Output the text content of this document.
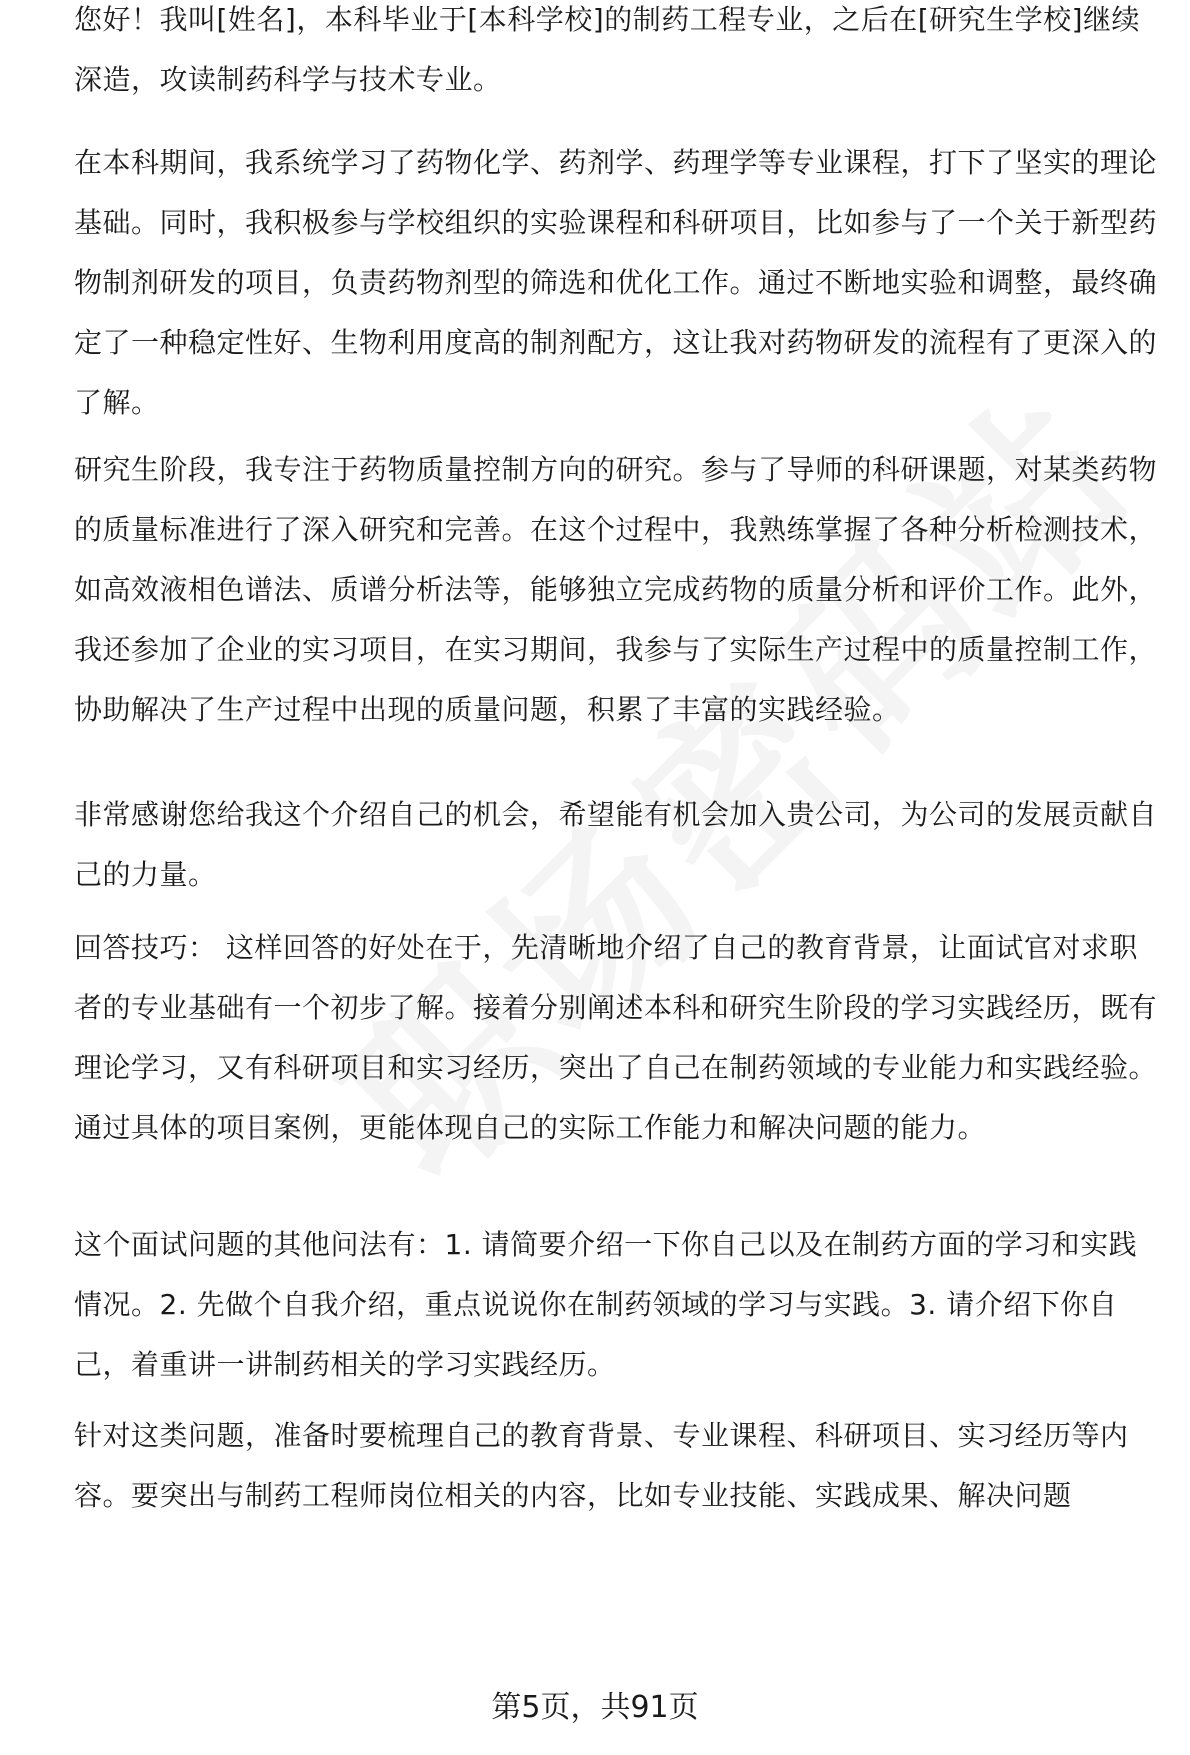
您好！我叫[姓名]，本科毕业于[本科学校]的制药工程专业，之后在[研究生学校]继续深造，攻读制药科学与技术专业。

在本科期间，我系统学习了药物化学、药剂学、药理学等专业课程，打下了坚实的理论基础。同时，我积极参与学校组织的实验课程和科研项目，比如参与了一个关于新型药物制剂研发的项目，负责药物剂型的筛选和优化工作。通过不断地实验和调整，最终确定了一种稳定性好、生物利用度高的制剂配方，这让我对药物研发的流程有了更深入的了解。

研究生阶段，我专注于药物质量控制方向的研究。参与了导师的科研课题，对某类药物的质量标准进行了深入研究和完善。在这个过程中，我熟练掌握了各种分析检测技术，如高效液相色谱法、质谱分析法等，能够独立完成药物的质量分析和评价工作。此外，我还参加了企业的实习项目，在实习期间，我参与了实际生产过程中的质量控制工作，协助解决了生产过程中出现的质量问题，积累了丰富的实践经验。

非常感谢您给我这个介绍自己的机会，希望能有机会加入贵公司，为公司的发展贡献自己的力量。

回答技巧： 这样回答的好处在于，先清晰地介绍了自己的教育背景，让面试官对求职者的专业基础有一个初步了解。接着分别阐述本科和研究生阶段的学习实践经历，既有理论学习，又有科研项目和实习经历，突出了自己在制药领域的专业能力和实践经验。通过具体的项目案例，更能体现自己的实际工作能力和解决问题的能力。

这个面试问题的其他问法有：1. 请简要介绍一下你自己以及在制药方面的学习和实践情况。2. 先做个自我介绍，重点说说你在制药领域的学习与实践。3. 请介绍下你自己，着重讲一讲制药相关的学习实践经历。

针对这类问题，准备时要梳理自己的教育背景、专业课程、科研项目、实习经历等内容。要突出与制药工程师岗位相关的内容，比如专业技能、实践成果、解决问题

第5页，共91页
